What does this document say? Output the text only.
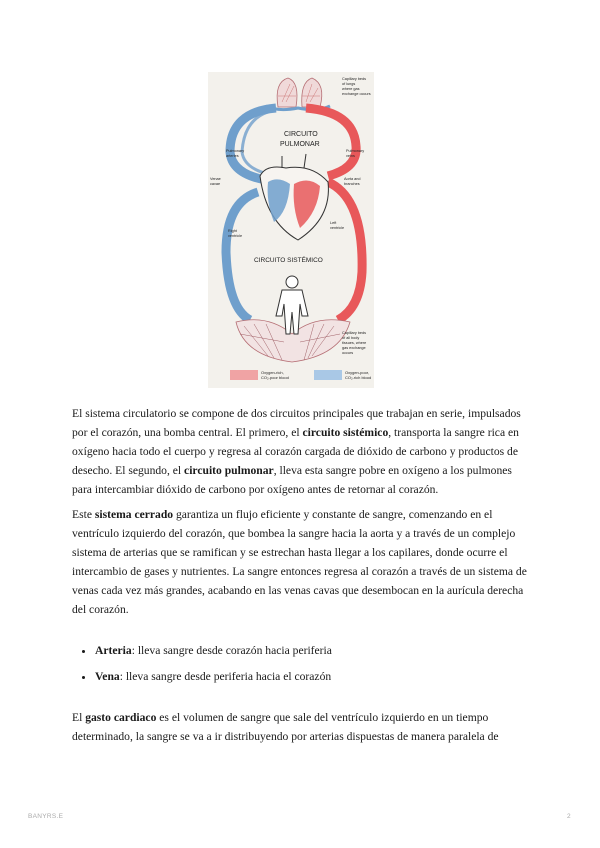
CIRCUITO
PULMONAR
CIRCUITO SISTÉMICO
Capillary beds
of lungs
where gas
exchange occurs
Pulmonary
arteries
Pulmonary
veins
Aorta and
branches
Venae
cavae
Right
ventricle
Left
ventricle
Capillary beds
of all body
tissues, where
gas exchange
occurs
Oxygen-rich,
CO₂-poor blood
Oxygen-poor,
CO₂-rich blood

El sistema circulatorio se compone de dos circuitos principales que trabajan en serie, impulsados por el corazón, una bomba central. El primero, el circuito sistémico, transporta la sangre rica en oxígeno hacia todo el cuerpo y regresa al corazón cargada de dióxido de carbono y productos de desecho. El segundo, el circuito pulmonar, lleva esta sangre pobre en oxígeno a los pulmones para intercambiar dióxido de carbono por oxígeno antes de retornar al corazón.

Este sistema cerrado garantiza un flujo eficiente y constante de sangre, comenzando en el ventrículo izquierdo del corazón, que bombea la sangre hacia la aorta y a través de un complejo sistema de arterias que se ramifican y se estrechan hasta llegar a los capilares, donde ocurre el intercambio de gases y nutrientes. La sangre entonces regresa al corazón a través de un sistema de venas cada vez más grandes, acabando en las venas cavas que desembocan en la aurícula derecha del corazón.

• Arteria: lleva sangre desde corazón hacia periferia
• Vena: lleva sangre desde periferia hacia el corazón

El gasto cardiaco es el volumen de sangre que sale del ventrículo izquierdo en un tiempo determinado, la sangre se va a ir distribuyendo por arterias dispuestas de manera paralela de

BANYRS.E	2
